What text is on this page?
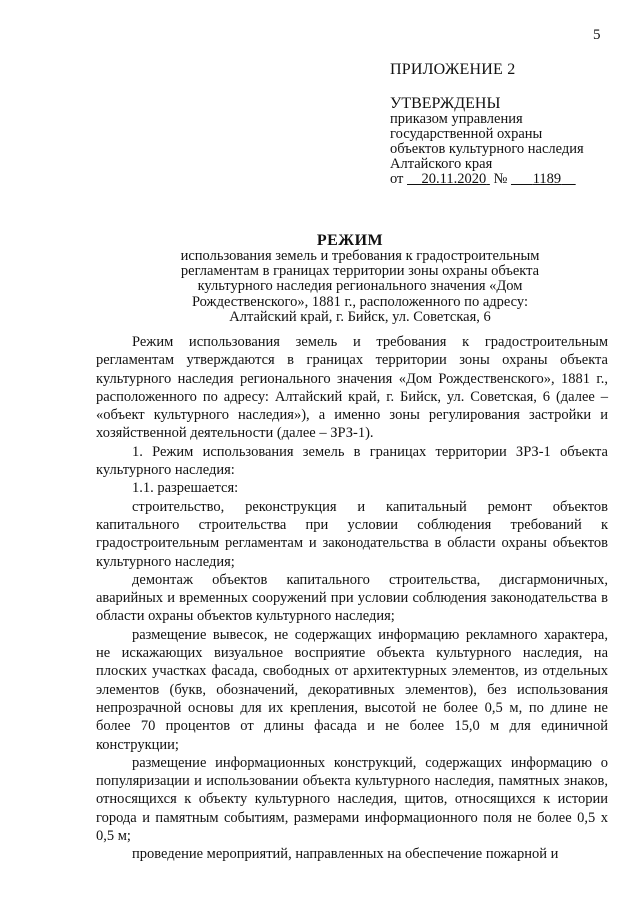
5
ПРИЛОЖЕНИЕ 2
УТВЕРЖДЕНЫ
приказом управления
государственной охраны
объектов культурного наследия
Алтайского края
от 20.11.2020 № 1189
РЕЖИМ
использования земель и требования к градостроительным
регламентам в границах территории зоны охраны объекта
культурного наследия регионального значения «Дом
Рождественского», 1881 г., расположенного по адресу:
Алтайский край, г. Бийск, ул. Советская, 6

Режим использования земель и требования к градостроительным регламентам утверждаются в границах территории зоны охраны объекта культурного наследия регионального значения «Дом Рождественского», 1881 г., расположенного по адресу: Алтайский край, г. Бийск, ул. Советская, 6 (далее – «объект культурного наследия»), а именно зоны регулирования застройки и хозяйственной деятельности (далее – ЗРЗ-1).

1. Режим использования земель в границах территории ЗРЗ-1 объекта культурного наследия:

1.1. разрешается:

строительство, реконструкция и капитальный ремонт объектов капитального строительства при условии соблюдения требований к градостроительным регламентам и законодательства в области охраны объектов культурного наследия;

демонтаж объектов капитального строительства, дисгармоничных, аварийных и временных сооружений при условии соблюдения законодательства в области охраны объектов культурного наследия;

размещение вывесок, не содержащих информацию рекламного характера, не искажающих визуальное восприятие объекта культурного наследия, на плоских участках фасада, свободных от архитектурных элементов, из отдельных элементов (букв, обозначений, декоративных элементов), без использования непрозрачной основы для их крепления, высотой не более 0,5 м, по длине не более 70 процентов от длины фасада и не более 15,0 м для единичной конструкции;

размещение информационных конструкций, содержащих информацию о популяризации и использовании объекта культурного наследия, памятных знаков, относящихся к объекту культурного наследия, щитов, относящихся к истории города и памятным событиям, размерами информационного поля не более 0,5 х 0,5 м;

проведение мероприятий, направленных на обеспечение пожарной и
